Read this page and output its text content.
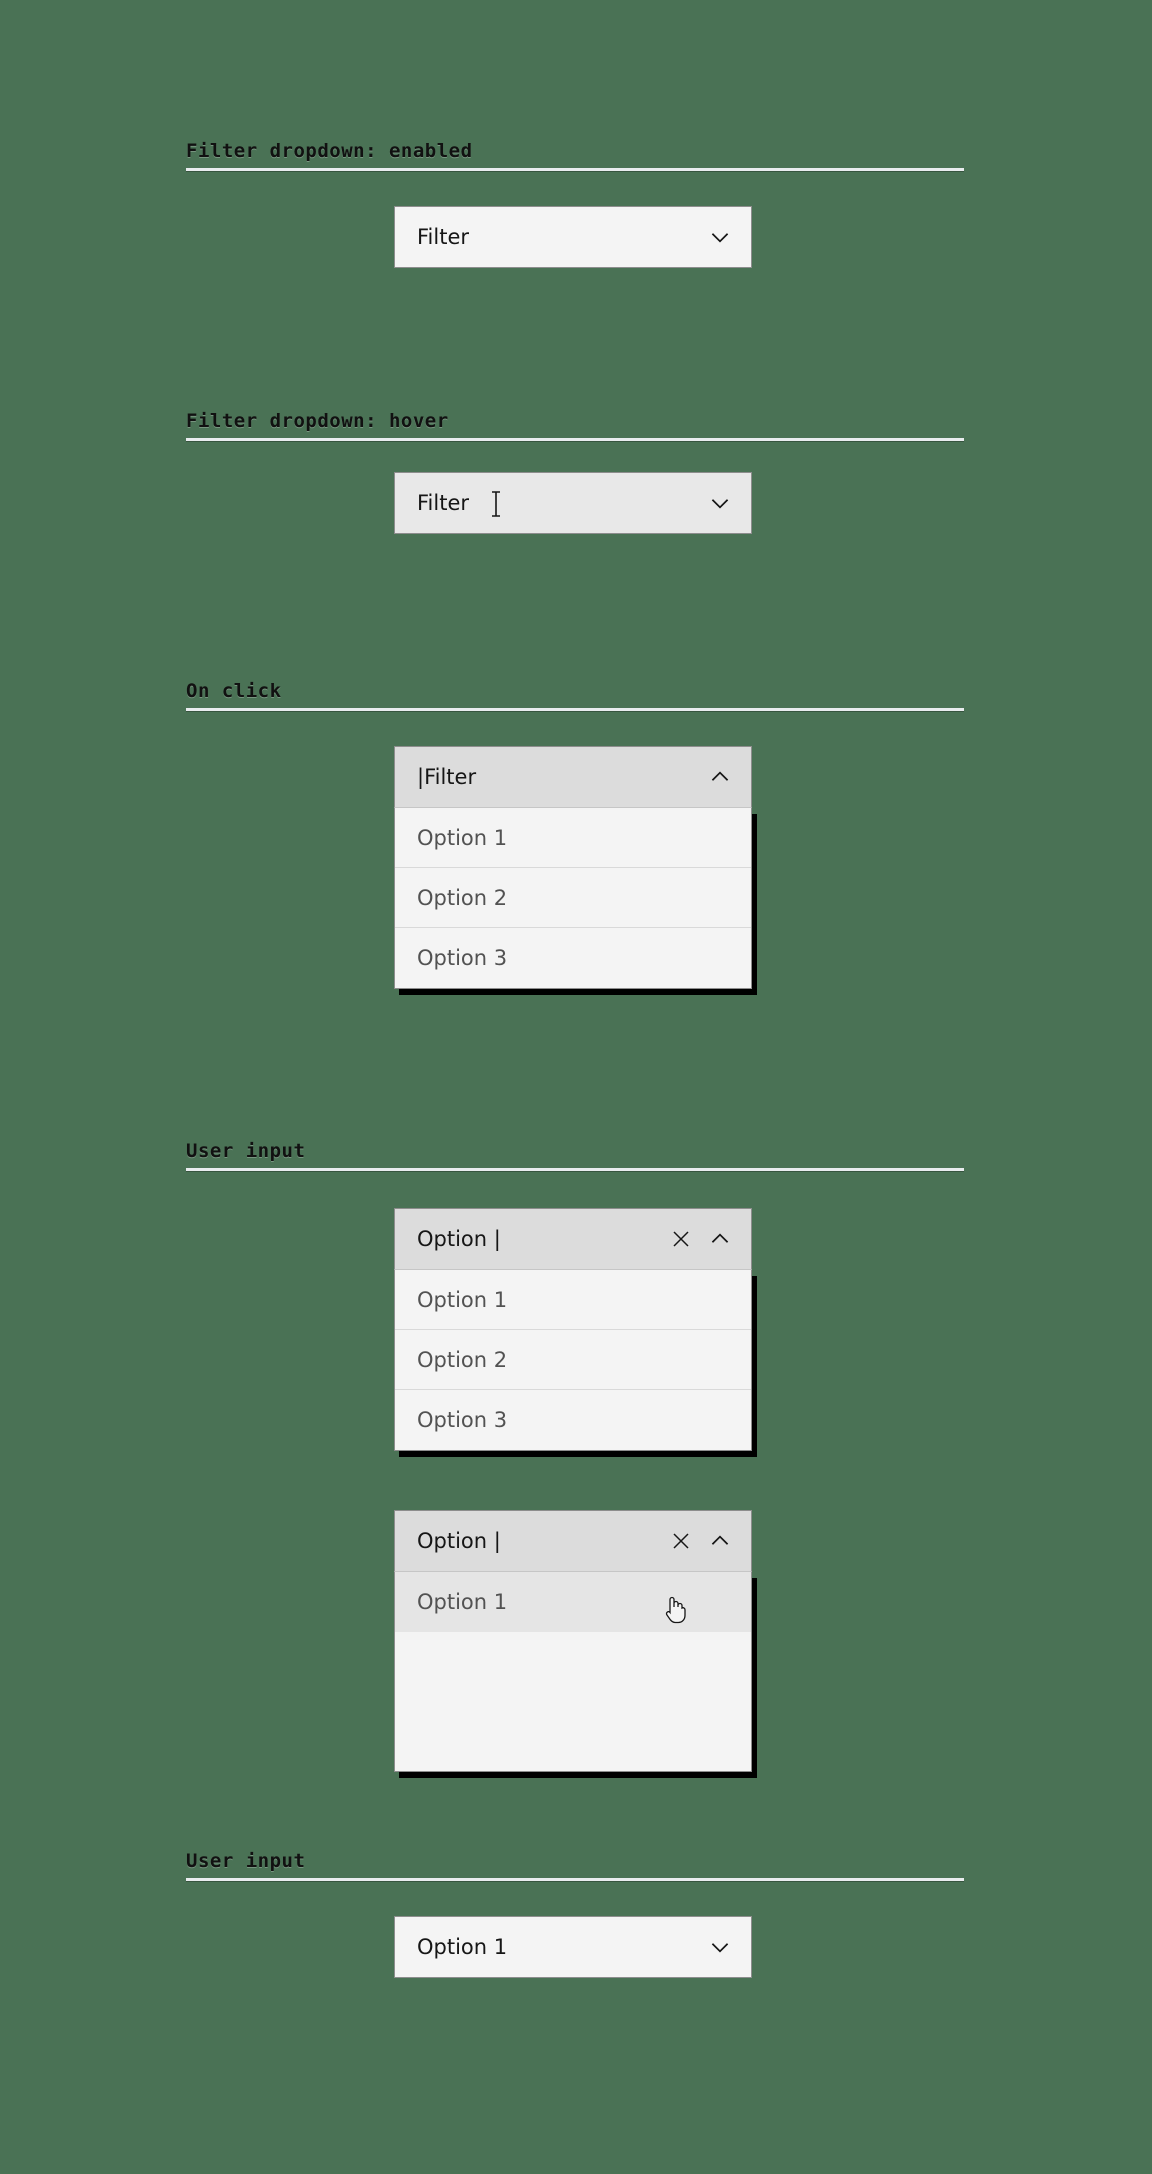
Filter dropdown: enabled
Filter
Filter dropdown: hover
Filter
On click
|Filter
Option 1
Option 2
Option 3
User input
Option |
Option 1
Option 2
Option 3
Option |
Option 1
User input
Option 1
